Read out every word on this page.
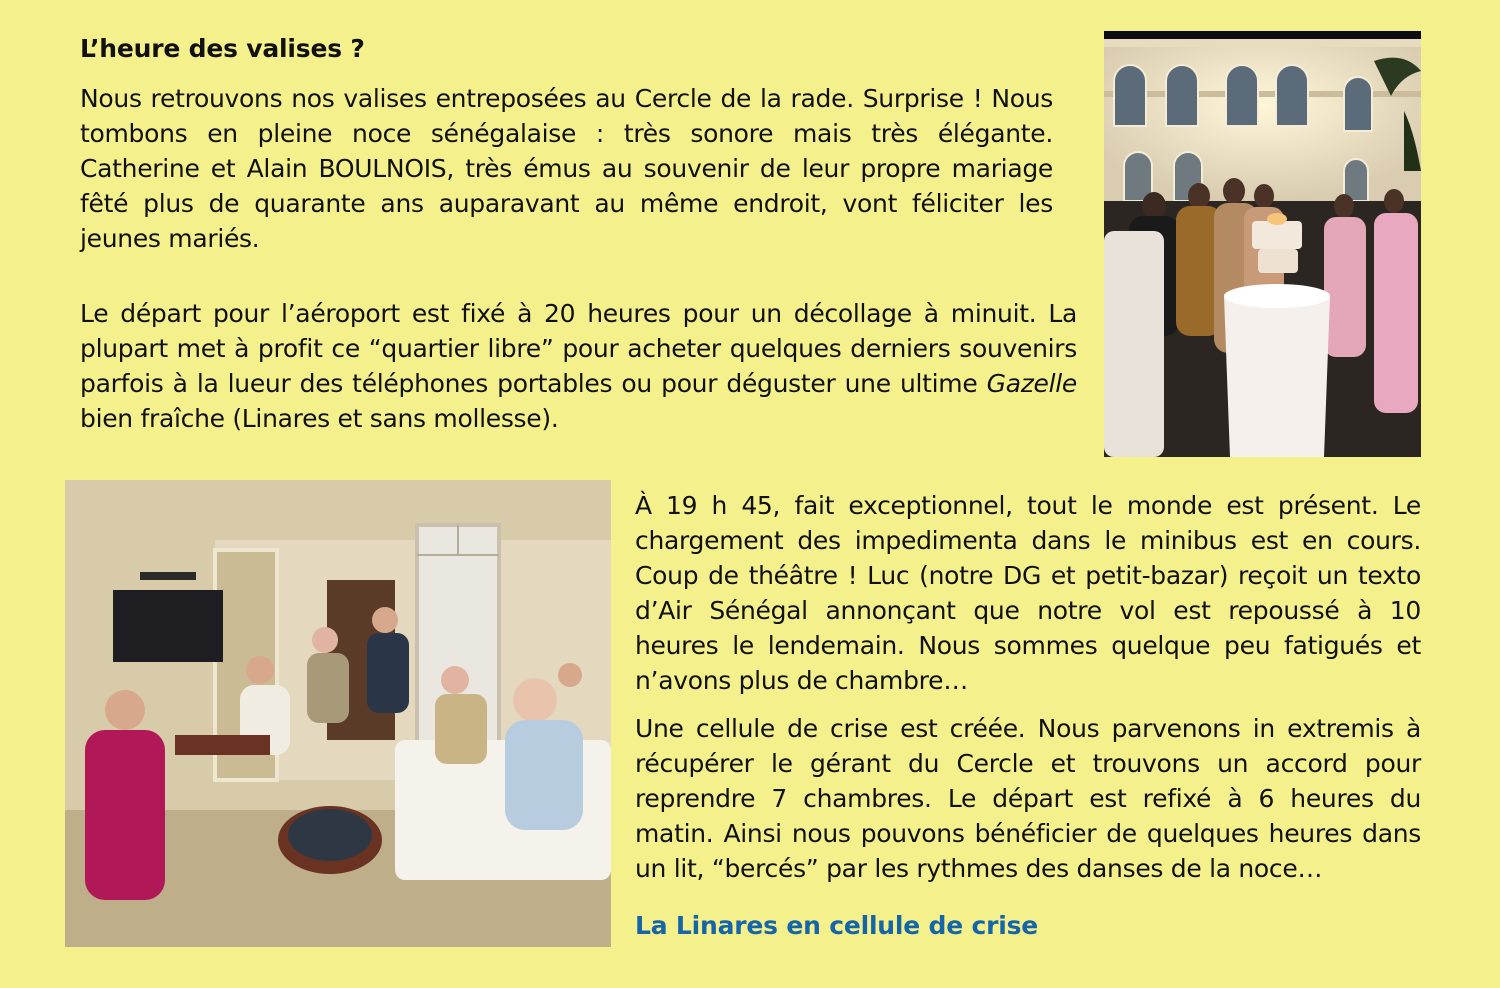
L’heure des valises ?
Nous retrouvons nos valises entreposées au Cercle de la rade. Surprise ! Nous tombons en pleine noce sénégalaise : très sonore mais très élégante. Catherine et Alain BOULNOIS, très émus au souvenir de leur propre mariage fêté plus de quarante ans auparavant au même endroit, vont féliciter les jeunes mariés.
Le départ pour l’aéroport est fixé à 20 heures pour un décollage à minuit. La plupart met à profit ce “quartier libre” pour acheter quelques derniers souvenirs parfois à la lueur des téléphones portables ou pour déguster une ultime Gazelle bien fraîche (Linares et sans mollesse).
À 19 h 45, fait exceptionnel, tout le monde est présent. Le chargement des impedimenta dans le minibus est en cours. Coup de théâtre ! Luc (notre DG et petit-bazar) reçoit un texto d’Air Sénégal annonçant que notre vol est repoussé à 10 heures le lendemain. Nous sommes quelque peu fatigués et n’avons plus de chambre…
Une cellule de crise est créée. Nous parvenons in extremis à récupérer le gérant du Cercle et trouvons un accord pour reprendre 7 chambres. Le départ est refixé à 6 heures du matin. Ainsi nous pouvons bénéficier de quelques heures dans un lit, “bercés” par les rythmes des danses de la noce…
La Linares en cellule de crise
